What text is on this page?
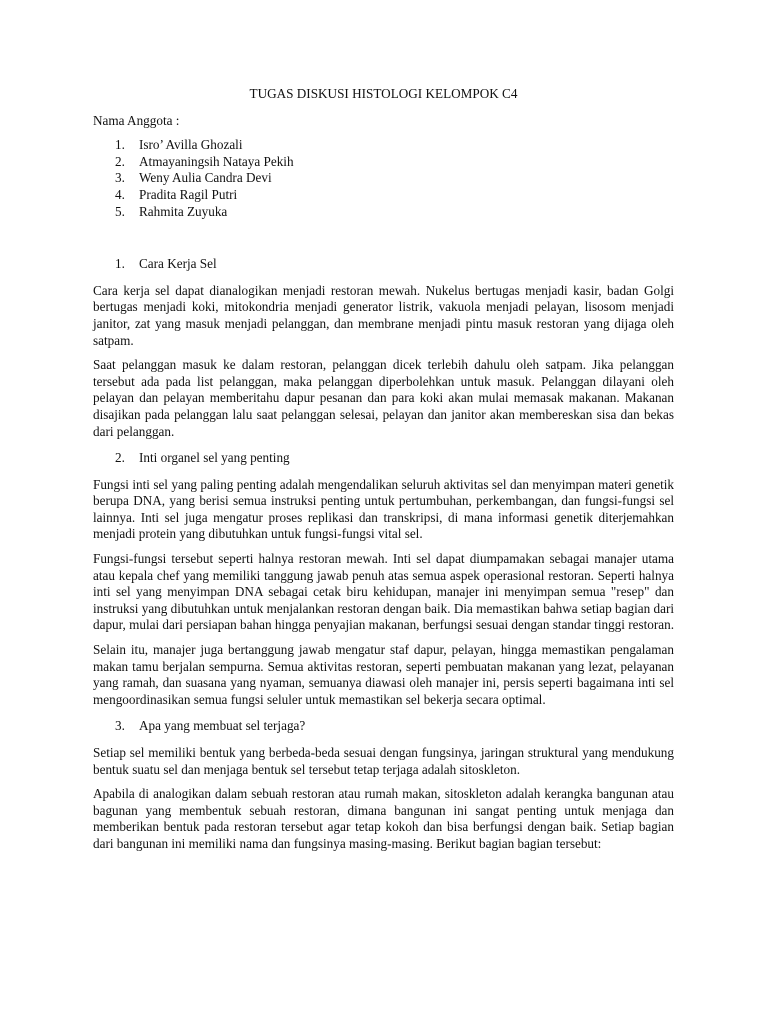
TUGAS DISKUSI HISTOLOGI KELOMPOK C4
Nama Anggota :
1. Isro’ Avilla Ghozali
2. Atmayaningsih Nataya Pekih
3. Weny Aulia Candra Devi
4. Pradita Ragil Putri
5. Rahmita Zuyuka
1. Cara Kerja Sel

Cara kerja sel dapat dianalogikan menjadi restoran mewah. Nukelus bertugas menjadi kasir, badan Golgi bertugas menjadi koki, mitokondria menjadi generator listrik, vakuola menjadi pelayan, lisosom menjadi janitor, zat yang masuk menjadi pelanggan, dan membrane menjadi pintu masuk restoran yang dijaga oleh satpam.

Saat pelanggan masuk ke dalam restoran, pelanggan dicek terlebih dahulu oleh satpam. Jika pelanggan tersebut ada pada list pelanggan, maka pelanggan diperbolehkan untuk masuk. Pelanggan dilayani oleh pelayan dan pelayan memberitahu dapur pesanan dan para koki akan mulai memasak makanan. Makanan disajikan pada pelanggan lalu saat pelanggan selesai, pelayan dan janitor akan membereskan sisa dan bekas dari pelanggan.

2. Inti organel sel yang penting

Fungsi inti sel yang paling penting adalah mengendalikan seluruh aktivitas sel dan menyimpan materi genetik berupa DNA, yang berisi semua instruksi penting untuk pertumbuhan, perkembangan, dan fungsi-fungsi sel lainnya. Inti sel juga mengatur proses replikasi dan transkripsi, di mana informasi genetik diterjemahkan menjadi protein yang dibutuhkan untuk fungsi-fungsi vital sel.

Fungsi-fungsi tersebut seperti halnya restoran mewah. Inti sel dapat diumpamakan sebagai manajer utama atau kepala chef yang memiliki tanggung jawab penuh atas semua aspek operasional restoran. Seperti halnya inti sel yang menyimpan DNA sebagai cetak biru kehidupan, manajer ini menyimpan semua "resep" dan instruksi yang dibutuhkan untuk menjalankan restoran dengan baik. Dia memastikan bahwa setiap bagian dari dapur, mulai dari persiapan bahan hingga penyajian makanan, berfungsi sesuai dengan standar tinggi restoran.

Selain itu, manajer juga bertanggung jawab mengatur staf dapur, pelayan, hingga memastikan pengalaman makan tamu berjalan sempurna. Semua aktivitas restoran, seperti pembuatan makanan yang lezat, pelayanan yang ramah, dan suasana yang nyaman, semuanya diawasi oleh manajer ini, persis seperti bagaimana inti sel mengoordinasikan semua fungsi seluler untuk memastikan sel bekerja secara optimal.

3. Apa yang membuat sel terjaga?

Setiap sel memiliki bentuk yang berbeda-beda sesuai dengan fungsinya, jaringan struktural yang mendukung bentuk suatu sel dan menjaga bentuk sel tersebut tetap terjaga adalah sitoskleton.

Apabila di analogikan dalam sebuah restoran atau rumah makan, sitoskleton adalah kerangka bangunan atau bagunan yang membentuk sebuah restoran, dimana bangunan ini sangat penting untuk menjaga dan memberikan bentuk pada restoran tersebut agar tetap kokoh dan bisa berfungsi dengan baik. Setiap bagian dari bangunan ini memiliki nama dan fungsinya masing-masing. Berikut bagian bagian tersebut:
